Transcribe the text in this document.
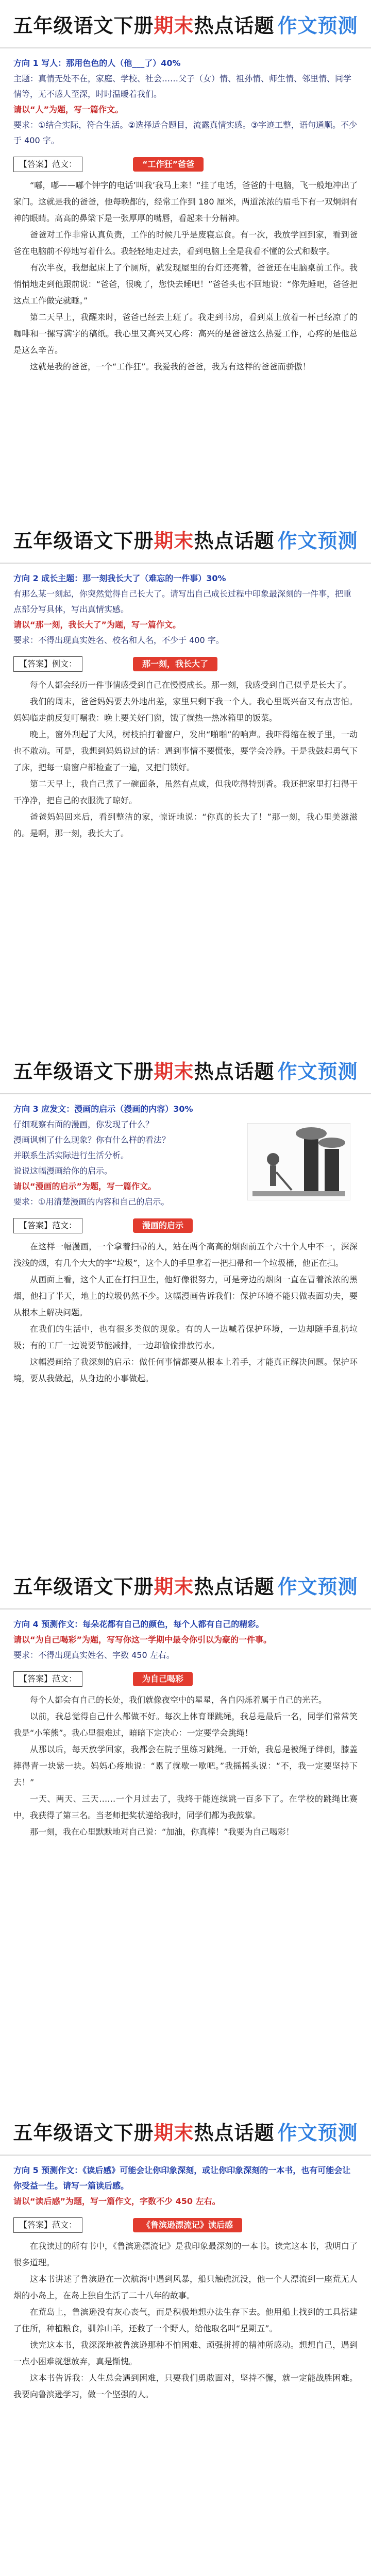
五年级语文下册 期末 热点话题 作文预测
方向 1 写人：那用色色的人（他___了）40%
主题：真情无处不在，家庭、学校、社会……父子（女）情、祖孙情、师生情、邻里情、同学情等，无不感人至深，时时温暖着我们。
请以“人”为题，写一篇作文。
要求：①结合实际，符合生活。②选择适合题目，流露真情实感。③字迹工整，语句通顺。不少于 400 字。
【答案】范文：	“工作狂”爸爸

“嘟，嘟——嘟个钟字的电话’叫我’我马上来！”挂了电话，爸爸的十电脑，飞一般地冲出了家门。这就是我的爸爸，他每晚都的，经常工作到 180 厘米，两道浓浓的眉毛下有一双炯炯有神的眼睛。高高的鼻梁下是一张厚厚的嘴唇，看起来十分精神。

爸爸对工作非常认真负责，工作的时候几乎是废寝忘食。有一次，我放学回到家，看到爸爸在电脑前不停地写着什么。我轻轻地走过去，看到电脑上全是我看不懂的公式和数字。

有次半夜，我想起床上了个厕所，就发现屋里的台灯还亮着，爸爸还在电脑桌前工作。我悄悄地走到他跟前说：“爸爸，很晚了，您快去睡吧！”爸爸头也不回地说：“你先睡吧，爸爸把这点工作做完就睡。”

第二天早上，我醒来时，爸爸已经去上班了。我走到书房，看到桌上放着一杯已经凉了的咖啡和一摞写满字的稿纸。我心里又高兴又心疼：高兴的是爸爸这么热爱工作，心疼的是他总是这么辛苦。

这就是我的爸爸，一个“工作狂”。我爱我的爸爸，我为有这样的爸爸而骄傲！

五年级语文下册 期末 热点话题 作文预测
方向 2 成长主题：那一刻我长大了（难忘的一件事）30%
有那么某一刻起，你突然觉得自己长大了。请写出自己成长过程中印象最深刻的一件事，把重点部分写具体，写出真情实感。
请以“那一刻，我长大了”为题，写一篇作文。
要求：不得出现真实姓名、校名和人名，不少于 400 字。
【答案】例文：	那一刻，我长大了

每个人都会经历一件事情感受到自己在慢慢成长。那一刻，我感受到自己似乎是长大了。

我们的周末，爸爸妈妈要去外地出差，家里只剩下我一个人。我心里既兴奋又有点害怕。妈妈临走前反复叮嘱我：晚上要关好门窗，饿了就热一热冰箱里的饭菜。

晚上，窗外刮起了大风，树枝拍打着窗户，发出“啪啪”的响声。我吓得缩在被子里，一动也不敢动。可是，我想到妈妈说过的话：遇到事情不要慌张，要学会冷静。于是我鼓起勇气下了床，把每一扇窗户都检查了一遍，又把门锁好。

第二天早上，我自己煮了一碗面条，虽然有点咸，但我吃得特别香。我还把家里打扫得干干净净，把自己的衣服洗了晾好。

爸爸妈妈回来后，看到整洁的家，惊讶地说：“你真的长大了！”那一刻，我心里美滋滋的。是啊，那一刻，我长大了。

五年级语文下册 期末 热点话题 作文预测
方向 3 应发文：漫画的启示（漫画的内容）30%
仔细观察右面的漫画，你发现了什么？
漫画讽刺了什么现象？你有什么样的看法？
并联系生活实际进行生活分析。
说说这幅漫画给你的启示。
请以“漫画的启示”为题，写一篇作文。
要求：①用清楚漫画的内容和自己的启示。
【答案】范文：	漫画的启示

在这样一幅漫画，一个拿着扫帚的人，站在两个高高的烟囱前五个六十个人中不一，深深浅浅的烟，有几个大大的字“垃圾”，这个人的手里拿着一把扫帚和一个垃圾桶，他正在扫。

从画面上看，这个人正在打扫卫生，他好像很努力，可是旁边的烟囱一直在冒着浓浓的黑烟，他扫了半天，地上的垃圾仍然不少。这幅漫画告诉我们：保护环境不能只做表面功夫，要从根本上解决问题。

在我们的生活中，也有很多类似的现象。有的人一边喊着保护环境，一边却随手乱扔垃圾；有的工厂一边说要节能减排，一边却偷偷排放污水。

这幅漫画给了我深刻的启示：做任何事情都要从根本上着手，才能真正解决问题。保护环境，要从我做起，从身边的小事做起。

五年级语文下册 期末 热点话题 作文预测
方向 4 预测作文：每朵花都有自己的颜色，每个人都有自己的精彩。
请以“为自己喝彩”为题，写写你这一学期中最令你引以为豪的一件事。
要求：不得出现真实姓名、字数 450 左右。
【答案】范文：	为自己喝彩

每个人都会有自己的长处，我们就像夜空中的星星，各自闪烁着属于自己的光芒。

以前，我总觉得自己什么都做不好。每次上体育课跳绳，我总是最后一名，同学们常常笑我是“小笨熊”。我心里很难过，暗暗下定决心：一定要学会跳绳！

从那以后，每天放学回家，我都会在院子里练习跳绳。一开始，我总是被绳子绊倒，膝盖摔得青一块紫一块。妈妈心疼地说：“累了就歇一歇吧。”我摇摇头说：“不，我一定要坚持下去！”

一天、两天、三天……一个月过去了，我终于能连续跳一百多下了。在学校的跳绳比赛中，我获得了第三名。当老师把奖状递给我时，同学们都为我鼓掌。

那一刻，我在心里默默地对自己说：“加油，你真棒！”我要为自己喝彩！

五年级语文下册 期末 热点话题 作文预测
方向 5 预测作文：《读后感》可能会让你印象深刻，或让你印象深刻的一本书，也有可能会让你受益一生。请写一篇读后感。
请以“读后感”为题，写一篇作文，字数不少 450 左右。
【答案】范文：	《鲁滨逊漂流记》读后感

在我读过的所有书中，《鲁滨逊漂流记》是我印象最深刻的一本书。读完这本书，我明白了很多道理。

这本书讲述了鲁滨逊在一次航海中遇到风暴，船只触礁沉没，他一个人漂流到一座荒无人烟的小岛上，在岛上独自生活了二十八年的故事。

在荒岛上，鲁滨逊没有灰心丧气，而是积极地想办法生存下去。他用船上找到的工具搭建了住所，种植粮食，驯养山羊，还救了一个野人，给他取名叫“星期五”。

读完这本书，我深深地被鲁滨逊那种不怕困难、顽强拼搏的精神所感动。想想自己，遇到一点小困难就想放弃，真是惭愧。

这本书告诉我：人生总会遇到困难，只要我们勇敢面对，坚持不懈，就一定能战胜困难。我要向鲁滨逊学习，做一个坚强的人。
